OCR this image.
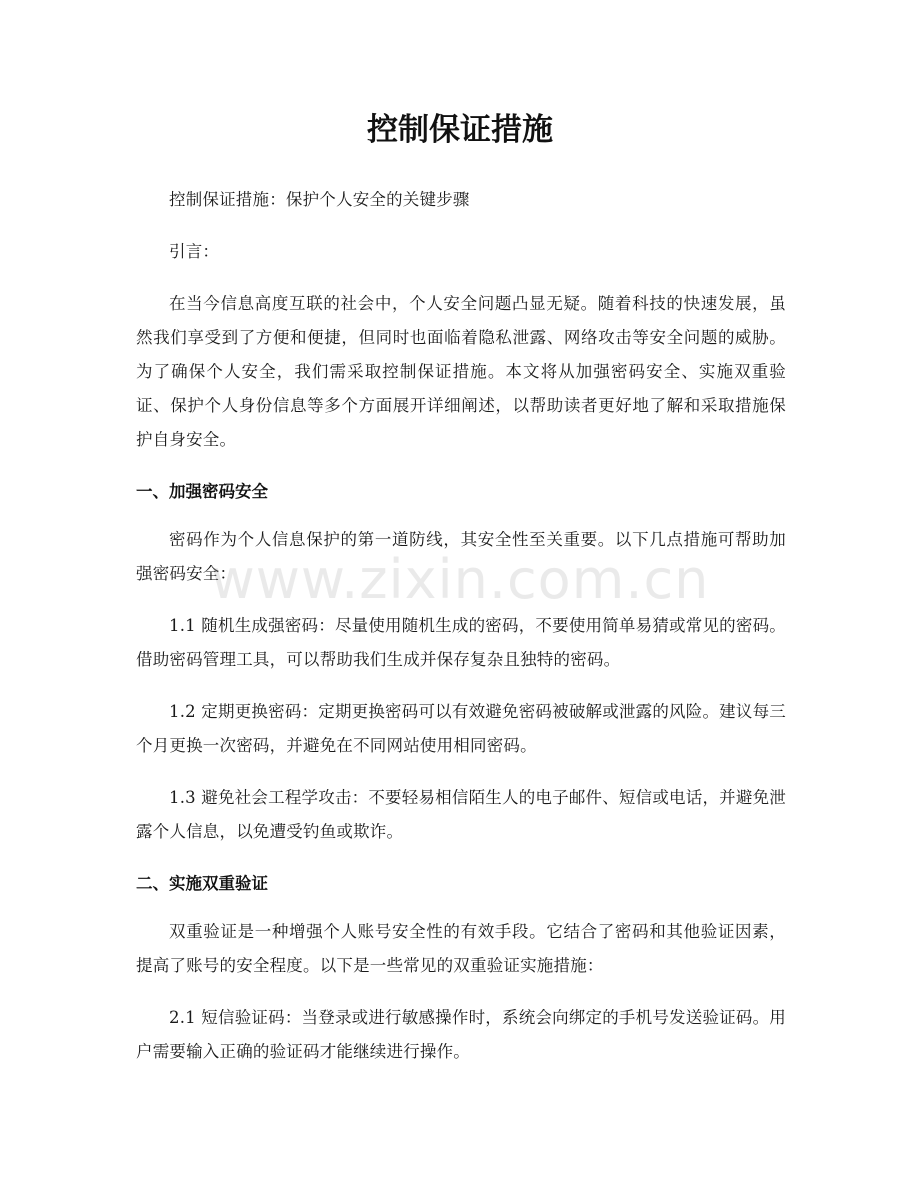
控制保证措施

控制保证措施：保护个人安全的关键步骤

引言：

在当今信息高度互联的社会中，个人安全问题凸显无疑。随着科技的快速发展，虽然我们享受到了方便和便捷，但同时也面临着隐私泄露、网络攻击等安全问题的威胁。为了确保个人安全，我们需采取控制保证措施。本文将从加强密码安全、实施双重验证、保护个人身份信息等多个方面展开详细阐述，以帮助读者更好地了解和采取措施保护自身安全。

一、加强密码安全

密码作为个人信息保护的第一道防线，其安全性至关重要。以下几点措施可帮助加强密码安全：

1.1 随机生成强密码：尽量使用随机生成的密码，不要使用简单易猜或常见的密码。借助密码管理工具，可以帮助我们生成并保存复杂且独特的密码。

1.2 定期更换密码：定期更换密码可以有效避免密码被破解或泄露的风险。建议每三个月更换一次密码，并避免在不同网站使用相同密码。

1.3 避免社会工程学攻击：不要轻易相信陌生人的电子邮件、短信或电话，并避免泄露个人信息，以免遭受钓鱼或欺诈。

二、实施双重验证

双重验证是一种增强个人账号安全性的有效手段。它结合了密码和其他验证因素，提高了账号的安全程度。以下是一些常见的双重验证实施措施：

2.1 短信验证码：当登录或进行敏感操作时，系统会向绑定的手机号发送验证码。用户需要输入正确的验证码才能继续进行操作。

www.zixin.com.cn
